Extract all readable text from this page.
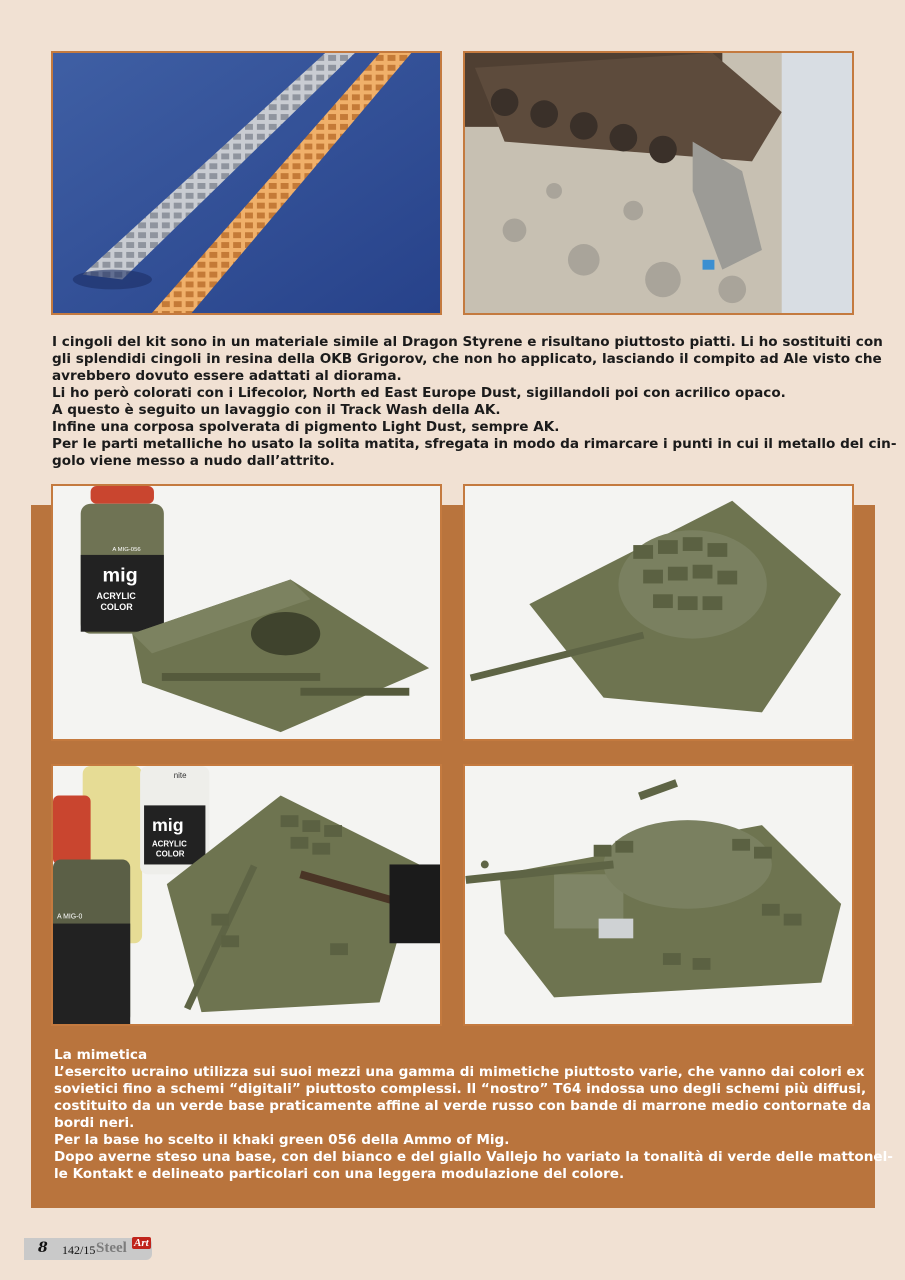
I cingoli del kit sono in un materiale simile al Dragon Styrene e risultano piuttosto piatti. Li ho sostituiti con
gli splendidi cingoli in resina della OKB Grigorov, che non ho applicato, lasciando il compito ad Ale visto che
avrebbero dovuto essere adattati al diorama.
Li ho però colorati con i Lifecolor, North ed East Europe Dust, sigillandoli poi con acrilico opaco.
A questo è seguito un lavaggio con il Track Wash della AK.
Infine una corposa spolverata di pigmento Light Dust, sempre AK.
Per le parti metalliche ho usato la solita matita, sfregata in modo da rimarcare i punti in cui il metallo del cin-
golo viene messo a nudo dall’attrito.
mig
ACRYLIC
COLOR
A MIG-056
mig
ACRYLIC
COLOR
nite
A MIG-0
La mimetica
L’esercito ucraino utilizza sui suoi mezzi una gamma di mimetiche piuttosto varie, che vanno dai colori ex
sovietici fino a schemi “digitali” piuttosto complessi. Il “nostro” T64 indossa uno degli schemi più diffusi,
costituito da un verde base praticamente affine al verde russo con bande di marrone medio contornate da
bordi neri.
Per la base ho scelto il khaki green 056 della Ammo of Mig.
Dopo averne steso una base, con del bianco e del giallo Vallejo ho variato la tonalità di verde delle mattonel-
le Kontakt e delineato particolari con una leggera modulazione del colore.
8 142/15 Steel Art
